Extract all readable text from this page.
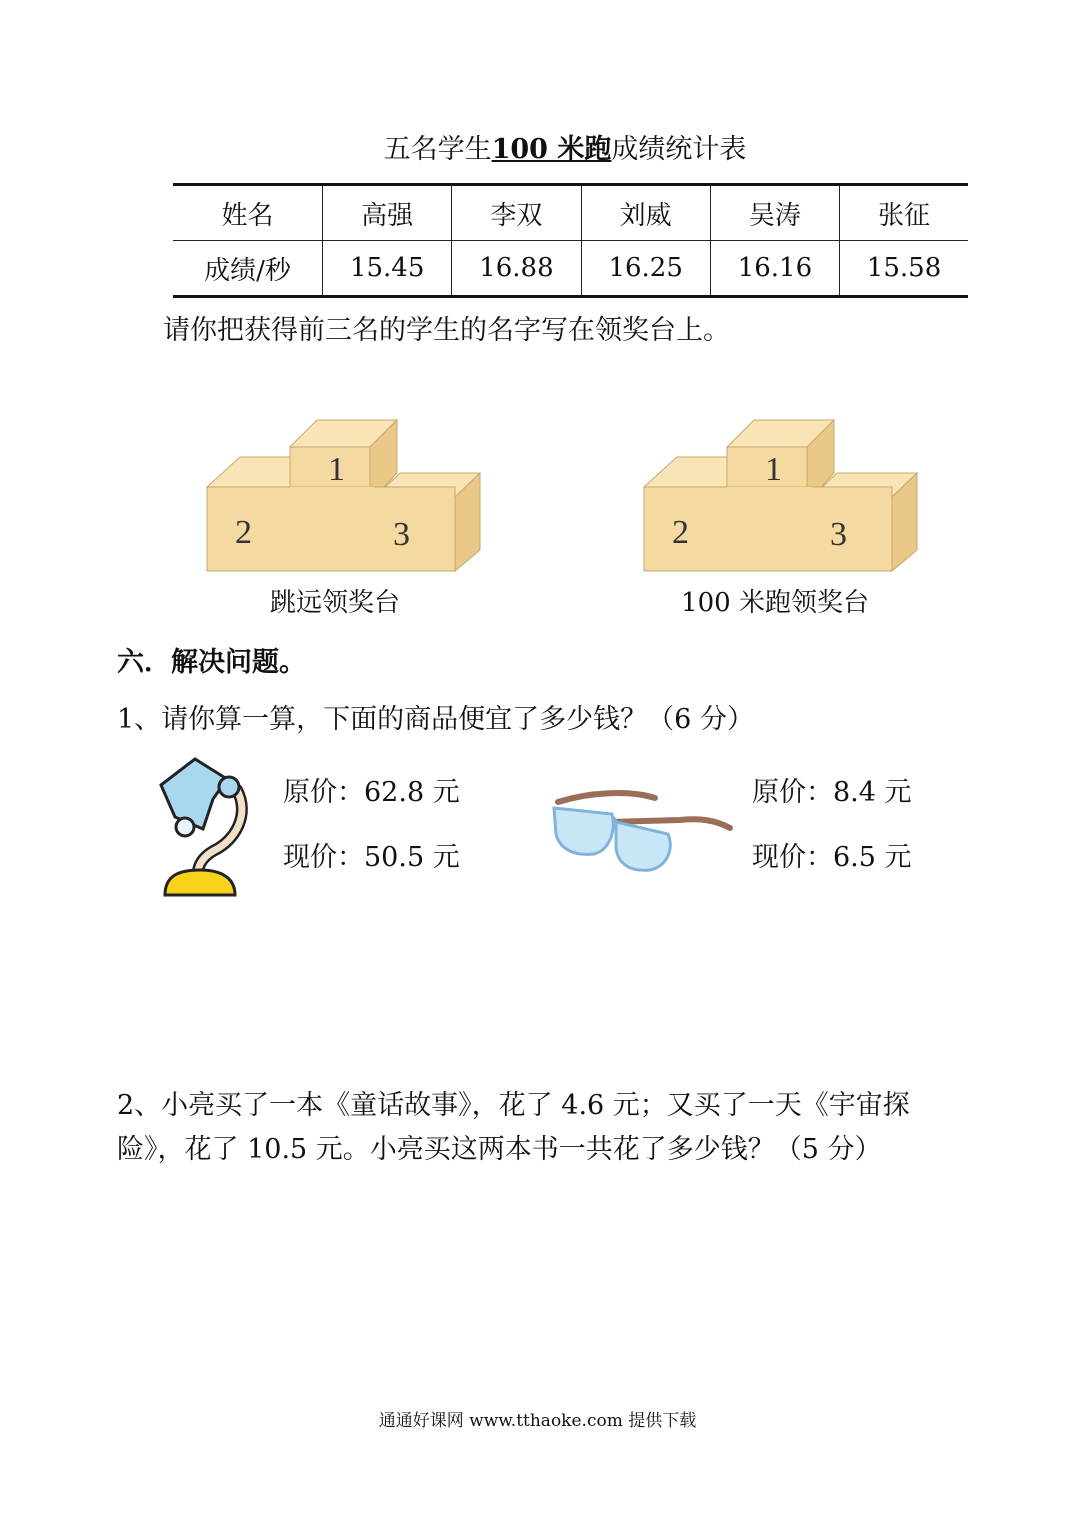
五名学生100 米跑成绩统计表
姓名	高强	李双	刘威	吴涛	张征
成绩/秒	15.45	16.88	16.25	16.16	15.58
请你把获得前三名的学生的名字写在领奖台上。
1
2	3
跳远领奖台
1
2	3
100 米跑领奖台
六．解决问题。
1、请你算一算，下面的商品便宜了多少钱？（6 分）
原价：62.8 元
现价：50.5 元
原价：8.4 元
现价：6.5 元
2、小亮买了一本《童话故事》，花了 4.6 元；又买了一天《宇宙探
险》，花了 10.5 元。小亮买这两本书一共花了多少钱？（5 分）
通通好课网 www.tthaoke.com 提供下载
